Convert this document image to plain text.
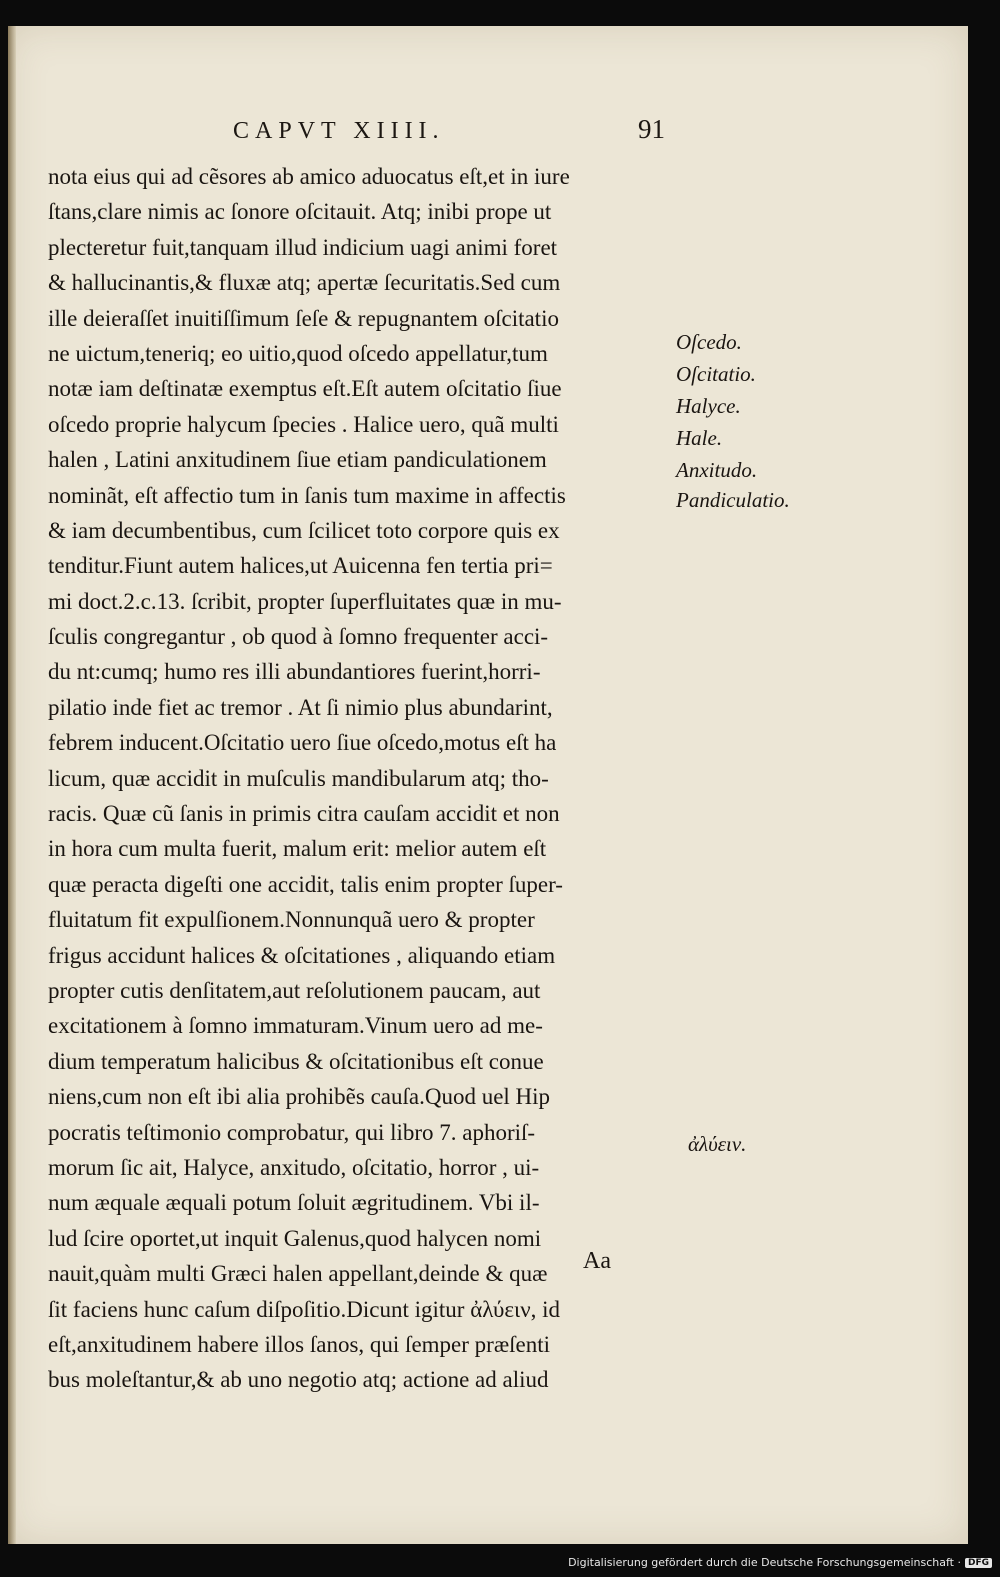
CAPVT XIIII.	91
nota eius qui ad cẽsores ab amico aduocatus eſt,et in iure
ſtans,clare nimis ac ſonore oſcitauit. Atq; inibi prope ut
plecteretur fuit,tanquam illud indicium uagi animi foret
& hallucinantis,& fluxæ atq; apertæ ſecuritatis.Sed cum
ille deieraſſet inuitiſſimum ſeſe & repugnantem oſcitatio
ne uictum,teneriq; eo uitio,quod oſcedo appellatur,tum
notæ iam deſtinatæ exemptus eſt.Eſt autem oſcitatio ſiue
oſcedo proprie halycum ſpecies . Halice uero, quã multi
halen , Latini anxitudinem ſiue etiam pandiculationem
nominãt, eſt affectio tum in ſanis tum maxime in affectis
& iam decumbentibus, cum ſcilicet toto corpore quis ex
tenditur.Fiunt autem halices,ut Auicenna fen tertia pri=
mi doct.2.c.13. ſcribit, propter ſuperfluitates quæ in mu-
ſculis congregantur , ob quod à ſomno frequenter acci-
du nt:cumq; humo res illi abundantiores fuerint,horri-
pilatio inde fiet ac tremor . At ſi nimio plus abundarint,
febrem inducent.Oſcitatio uero ſiue oſcedo,motus eſt ha
licum, quæ accidit in muſculis mandibularum atq; tho-
racis. Quæ cũ ſanis in primis citra cauſam accidit et non
in hora cum multa fuerit, malum erit: melior autem eſt
quæ peracta digeſti one accidit, talis enim propter ſuper-
fluitatum fit expulſionem.Nonnunquã uero & propter
frigus accidunt halices & oſcitationes , aliquando etiam
propter cutis denſitatem,aut reſolutionem paucam, aut
excitationem à ſomno immaturam.Vinum uero ad me-
dium temperatum halicibus & oſcitationibus eſt conue
niens,cum non eſt ibi alia prohibẽs cauſa.Quod uel Hip
pocratis teſtimonio comprobatur, qui libro 7. aphoriſ-
morum ſic ait, Halyce, anxitudo, oſcitatio, horror , ui-
num æquale æquali potum ſoluit ægritudinem. Vbi il-
lud ſcire oportet,ut inquit Galenus,quod halycen nomi
nauit,quàm multi Græci halen appellant,deinde & quæ
ſit faciens hunc caſum diſpoſitio.Dicunt igitur ἀλύειν, id
eſt,anxitudinem habere illos ſanos, qui ſemper præſenti
bus moleſtantur,& ab uno negotio atq; actione ad aliud
Oſcedo.
Oſcitatio.
Halyce.
Hale.
Anxitudo.
Pandiculatio.
ἀλύειν.
Aa
Digitalisierung gefördert durch die Deutsche Forschungsgemeinschaft · DFG
